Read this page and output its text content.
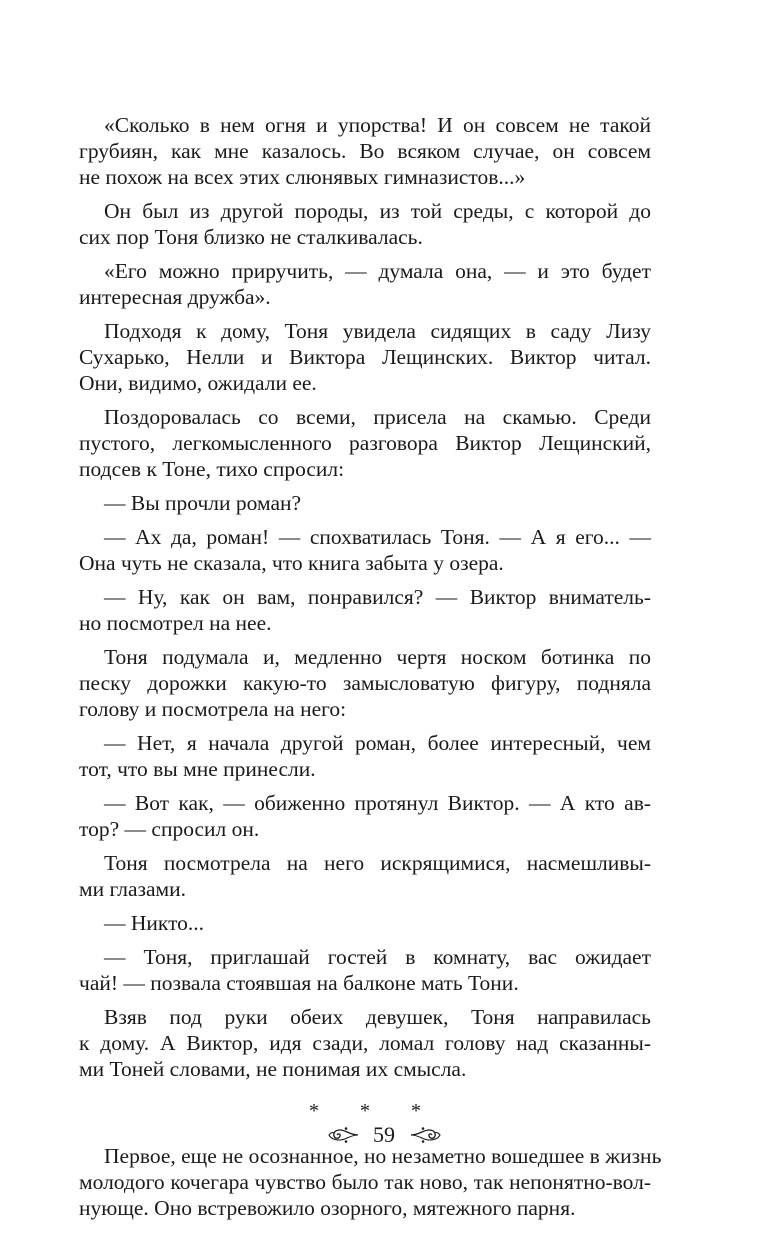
«Сколько в нем огня и упорства! И он совсем не такой
грубиян, как мне казалось. Во всяком случае, он совсем
не похож на всех этих слюнявых гимназистов...»
Он был из другой породы, из той среды, с которой до
сих пор Тоня близко не сталкивалась.
«Его можно приручить, — думала она, — и это будет
интересная дружба».
Подходя к дому, Тоня увидела сидящих в саду Лизу
Сухарько, Нелли и Виктора Лещинских. Виктор читал.
Они, видимо, ожидали ее.
Поздоровалась со всеми, присела на скамью. Среди
пустого, легкомысленного разговора Виктор Лещинский,
подсев к Тоне, тихо спросил:
— Вы прочли роман?
— Ах да, роман! — спохватилась Тоня. — А я его... —
Она чуть не сказала, что книга забыта у озера.
— Ну, как он вам, понравился? — Виктор вниматель-
но посмотрел на нее.
Тоня подумала и, медленно чертя носком ботинка по
песку дорожки какую-то замысловатую фигуру, подняла
голову и посмотрела на него:
— Нет, я начала другой роман, более интересный, чем
тот, что вы мне принесли.
— Вот как, — обиженно протянул Виктор. — А кто ав-
тор? — спросил он.
Тоня посмотрела на него искрящимися, насмешливы-
ми глазами.
— Никто...
— Тоня, приглашай гостей в комнату, вас ожидает
чай! — позвала стоявшая на балконе мать Тони.
Взяв под руки обеих девушек, Тоня направилась
к дому. А Виктор, идя сзади, ломал голову над сказанны-
ми Тоней словами, не понимая их смысла.
* * *
Первое, еще не осознанное, но незаметно вошедшее в жизнь
молодого кочегара чувство было так ново, так непонятно-вол-
нующе. Оно встревожило озорного, мятежного парня.
59
